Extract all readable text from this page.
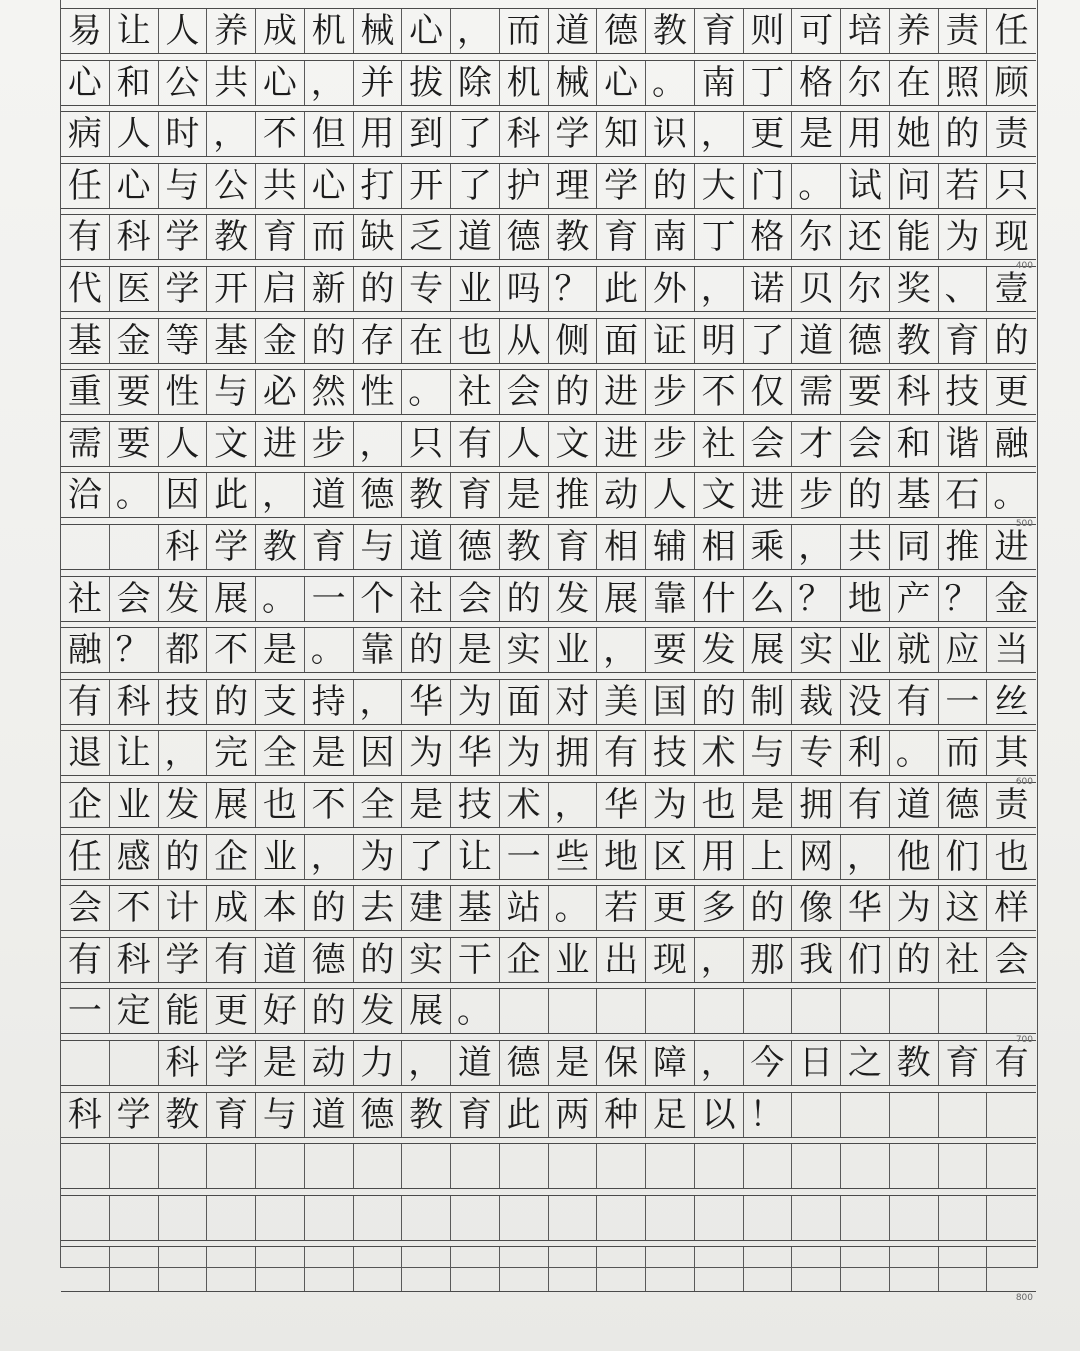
易 让 人 养 成 机 械 心 ， 而 道 德 教 育 则 可 培 养 责 任
心 和 公 共 心 ， 并 拔 除 机 械 心 。 南 丁 格 尔 在 照 顾
病 人 时 ， 不 但 用 到 了 科 学 知 识 ， 更 是 用 她 的 责
任 心 与 公 共 心 打 开 了 护 理 学 的 大 门 。 试 问 若 只
有 科 学 教 育 而 缺 乏 道 德 教 育 南 丁 格 尔 还 能 为 现
代 医 学 开 启 新 的 专 业 吗 ？ 此 外 ， 诺 贝 尔 奖 、 壹
基 金 等 基 金 的 存 在 也 从 侧 面 证 明 了 道 德 教 育 的
重 要 性 与 必 然 性 。 社 会 的 进 步 不 仅 需 要 科 技 更
需 要 人 文 进 步 ， 只 有 人 文 进 步 社 会 才 会 和 谐 融
洽 。 因 此 ， 道 德 教 育 是 推 动 人 文 进 步 的 基 石 。
科 学 教 育 与 道 德 教 育 相 辅 相 乘 ， 共 同 推 进
社 会 发 展 。 一 个 社 会 的 发 展 靠 什 么 ？ 地 产 ？ 金
融 ？ 都 不 是 。 靠 的 是 实 业 ， 要 发 展 实 业 就 应 当
有 科 技 的 支 持 ， 华 为 面 对 美 国 的 制 裁 没 有 一 丝
退 让 ， 完 全 是 因 为 华 为 拥 有 技 术 与 专 利 。 而 其
企 业 发 展 也 不 全 是 技 术 ， 华 为 也 是 拥 有 道 德 责
任 感 的 企 业 ， 为 了 让 一 些 地 区 用 上 网 ， 他 们 也
会 不 计 成 本 的 去 建 基 站 。 若 更 多 的 像 华 为 这 样
有 科 学 有 道 德 的 实 干 企 业 出 现 ， 那 我 们 的 社 会
一 定 能 更 好 的 发 展 。
科 学 是 动 力 ， 道 德 是 保 障 ， 今 日 之 教 育 有
科 学 教 育 与 道 德 教 育 此 两 种 足 以 ！
400
500
600
700
800
